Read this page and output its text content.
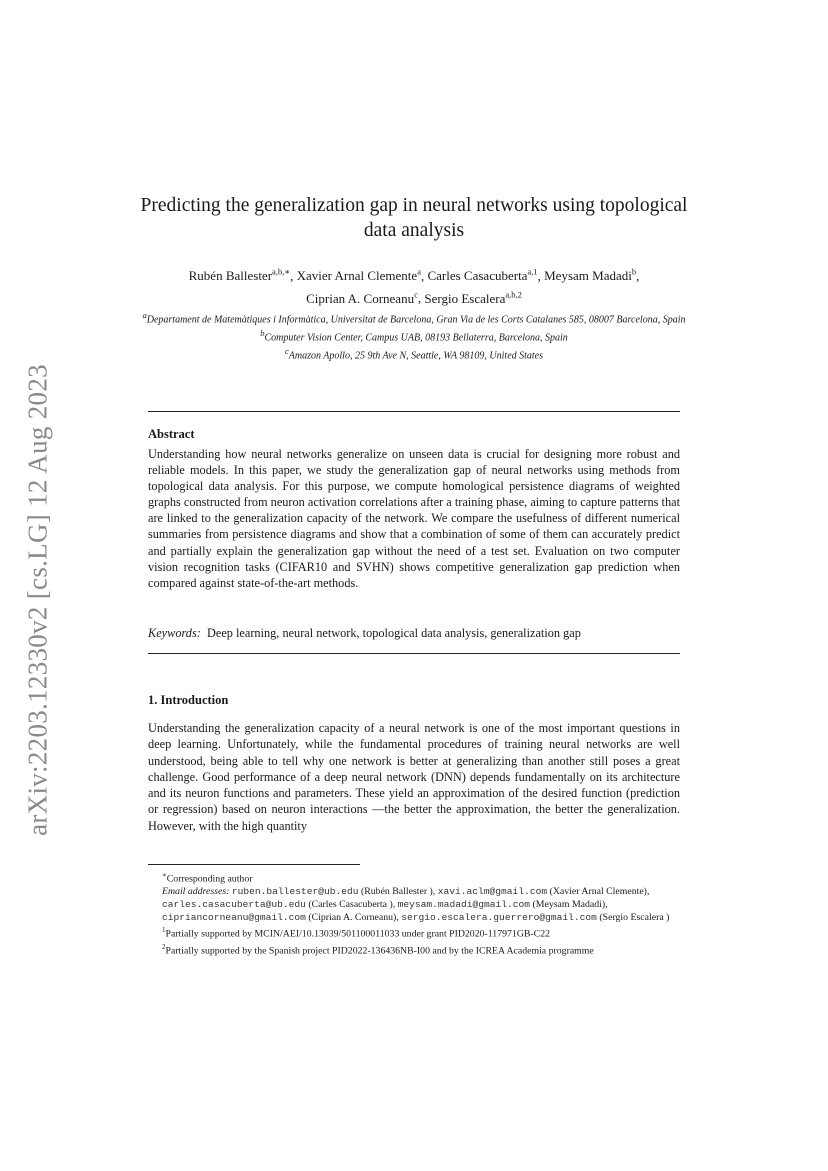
arXiv:2203.12330v2 [cs.LG] 12 Aug 2023
Predicting the generalization gap in neural networks using topological data analysis
Rubén Ballester$^{a,b,∗}$, Xavier Arnal Clemente$^a$, Carles Casacuberta$^{a,1}$, Meysam Madadi$^b$,
Ciprian A. Corneanu$^c$, Sergio Escalera$^{a,b,2}$
$^a$Departament de Matemàtiques i Informàtica, Universitat de Barcelona, Gran Via de les Corts Catalanes 585, 08007 Barcelona, Spain
$^b$Computer Vision Center, Campus UAB, 08193 Bellaterra, Barcelona, Spain
$^c$Amazon Apollo, 25 9th Ave N, Seattle, WA 98109, United States
Abstract
Understanding how neural networks generalize on unseen data is crucial for designing more robust and reliable models. In this paper, we study the generalization gap of neural networks using methods from topological data analysis. For this purpose, we compute homological persistence diagrams of weighted graphs constructed from neuron activation correlations after a training phase, aiming to capture patterns that are linked to the generalization capacity of the network. We compare the usefulness of different numerical summaries from persistence diagrams and show that a combination of some of them can accurately predict and partially explain the generalization gap without the need of a test set. Evaluation on two computer vision recognition tasks (CIFAR10 and SVHN) shows competitive generalization gap prediction when compared against state-of-the-art methods.
Keywords: Deep learning, neural network, topological data analysis, generalization gap
1. Introduction
Understanding the generalization capacity of a neural network is one of the most important questions in deep learning. Unfortunately, while the fundamental procedures of training neural networks are well understood, being able to tell why one network is better at generalizing than another still poses a great challenge. Good performance of a deep neural network (DNN) depends fundamentally on its architecture and its neuron functions and parameters. These yield an approximation of the desired function (prediction or regression) based on neuron interactions —the better the approximation, the better the generalization. However, with the high quantity
∗Corresponding author
Email addresses: ruben.ballester@ub.edu (Rubén Ballester ), xavi.aclm@gmail.com (Xavier Arnal Clemente), carles.casacuberta@ub.edu (Carles Casacuberta ), meysam.madadi@gmail.com (Meysam Madadi), cipriancorneanu@gmail.com (Ciprian A. Corneanu), sergio.escalera.guerrero@gmail.com (Sergio Escalera )
$^1$Partially supported by MCIN/AEI/10.13039/501100011033 under grant PID2020-117971GB-C22
$^2$Partially supported by the Spanish project PID2022-136436NB-I00 and by the ICREA Academia programme
